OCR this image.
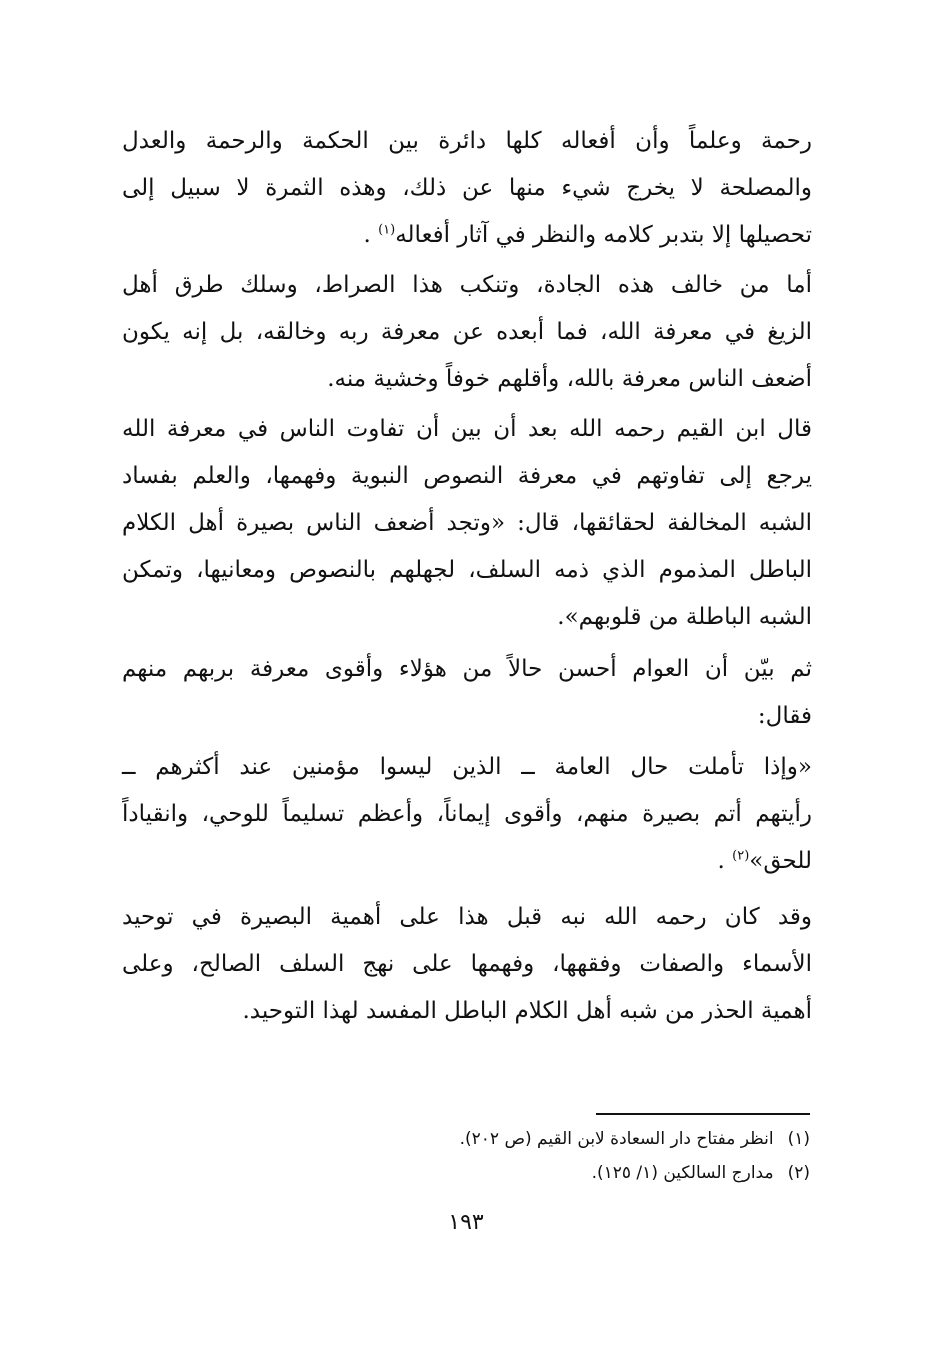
رحمة وعلماً وأن أفعاله كلها دائرة بين الحكمة والرحمة والعدل
والمصلحة لا يخرج شيء منها عن ذلك، وهذه الثمرة لا سبيل إلى
تحصيلها إلا بتدبر كلامه والنظر في آثار أفعاله$^{(١)}$ .

أما من خالف هذه الجادة، وتنكب هذا الصراط، وسلك طرق أهل
الزيغ في معرفة الله، فما أبعده عن معرفة ربه وخالقه، بل إنه يكون
أضعف الناس معرفة بالله، وأقلهم خوفاً وخشية منه.

قال ابن القيم رحمه الله بعد أن بين أن تفاوت الناس في معرفة الله
يرجع إلى تفاوتهم في معرفة النصوص النبوية وفهمها، والعلم بفساد
الشبه المخالفة لحقائقها، قال: «وتجد أضعف الناس بصيرة أهل الكلام
الباطل المذموم الذي ذمه السلف، لجهلهم بالنصوص ومعانيها، وتمكن
الشبه الباطلة من قلوبهم».

ثم بيّن أن العوام أحسن حالاً من هؤلاء وأقوى معرفة بربهم منهم
فقال:

«وإذا تأملت حال العامة ــ الذين ليسوا مؤمنين عند أكثرهم ــ
رأيتهم أتم بصيرة منهم، وأقوى إيماناً، وأعظم تسليماً للوحي، وانقياداً
للحق»$^{(٢)}$ .

وقد كان رحمه الله نبه قبل هذا على أهمية البصيرة في توحيد
الأسماء والصفات وفقهها، وفهمها على نهج السلف الصالح، وعلى
أهمية الحذر من شبه أهل الكلام الباطل المفسد لهذا التوحيد.

(١)انظر مفتاح دار السعادة لابن القيم (ص ٢٠٢).
(٢)مدارج السالكين (١/ ١٢٥).
١٩٣
